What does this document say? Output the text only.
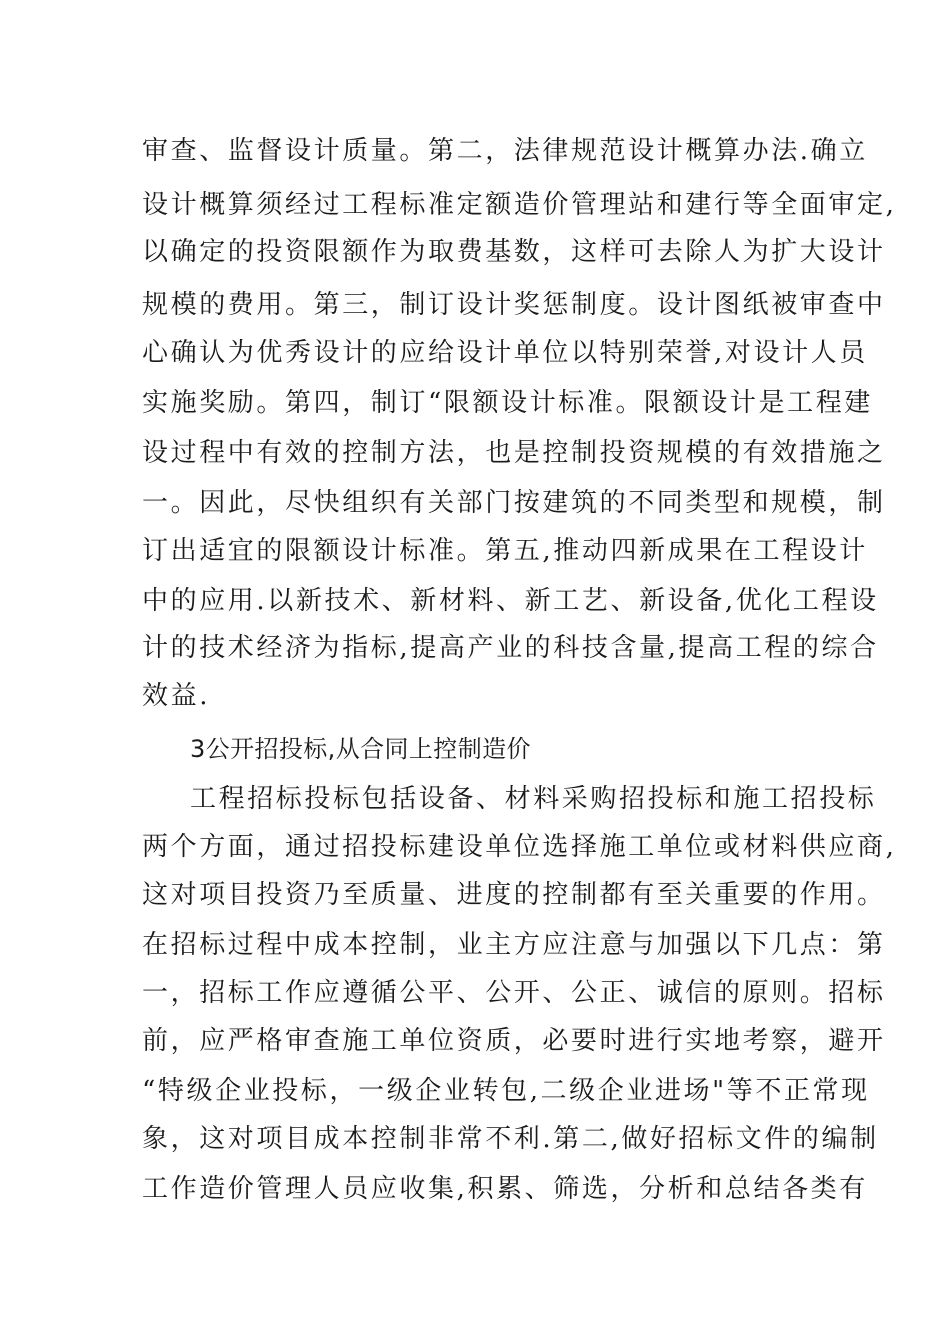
审查、监督设计质量。第二，法律规范设计概算办法.确立
设计概算须经过工程标准定额造价管理站和建行等全面审定,
以确定的投资限额作为取费基数，这样可去除人为扩大设计
规模的费用。第三，制订设计奖惩制度。设计图纸被审查中
心确认为优秀设计的应给设计单位以特别荣誉,对设计人员
实施奖励。第四，制订“限额设计标准。限额设计是工程建
设过程中有效的控制方法，也是控制投资规模的有效措施之
一。因此，尽快组织有关部门按建筑的不同类型和规模，制
订出适宜的限额设计标准。第五,推动四新成果在工程设计
中的应用.以新技术、新材料、新工艺、新设备,优化工程设
计的技术经济为指标,提高产业的科技含量,提高工程的综合
效益.
3公开招投标,从合同上控制造价
工程招标投标包括设备、材料采购招投标和施工招投标
两个方面，通过招投标建设单位选择施工单位或材料供应商,
这对项目投资乃至质量、进度的控制都有至关重要的作用。
在招标过程中成本控制，业主方应注意与加强以下几点：第
一，招标工作应遵循公平、公开、公正、诚信的原则。招标
前，应严格审查施工单位资质，必要时进行实地考察，避开
“特级企业投标，一级企业转包,二级企业进场"等不正常现
象，这对项目成本控制非常不利.第二,做好招标文件的编制
工作造价管理人员应收集,积累、筛选，分析和总结各类有
